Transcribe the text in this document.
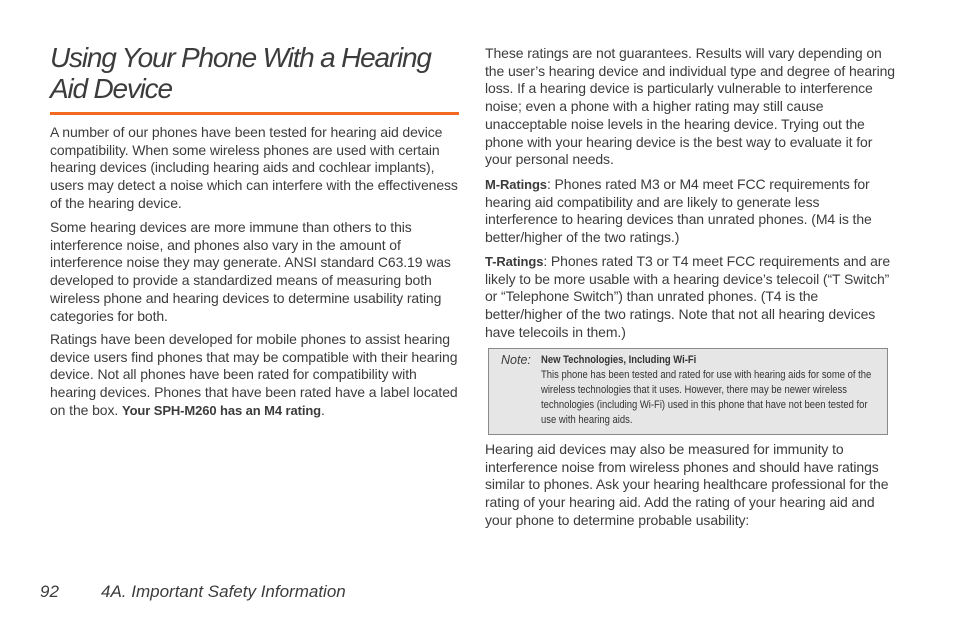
Using Your Phone With a Hearing Aid Device

A number of our phones have been tested for hearing aid device compatibility. When some wireless phones are used with certain hearing devices (including hearing aids and cochlear implants), users may detect a noise which can interfere with the effectiveness of the hearing device.

Some hearing devices are more immune than others to this interference noise, and phones also vary in the amount of interference noise they may generate. ANSI standard C63.19 was developed to provide a standardized means of measuring both wireless phone and hearing devices to determine usability rating categories for both.

Ratings have been developed for mobile phones to assist hearing device users find phones that may be compatible with their hearing device. Not all phones have been rated for compatibility with hearing devices. Phones that have been rated have a label located on the box. Your SPH-M260 has an M4 rating.

These ratings are not guarantees. Results will vary depending on the user’s hearing device and individual type and degree of hearing loss. If a hearing device is particularly vulnerable to interference noise; even a phone with a higher rating may still cause unacceptable noise levels in the hearing device. Trying out the phone with your hearing device is the best way to evaluate it for your personal needs.

M-Ratings: Phones rated M3 or M4 meet FCC requirements for hearing aid compatibility and are likely to generate less interference to hearing devices than unrated phones. (M4 is the better/higher of the two ratings.)

T-Ratings: Phones rated T3 or T4 meet FCC requirements and are likely to be more usable with a hearing device’s telecoil (“T Switch” or “Telephone Switch”) than unrated phones. (T4 is the better/higher of the two ratings. Note that not all hearing devices have telecoils in them.)

Note: New Technologies, Including Wi-Fi
This phone has been tested and rated for use with hearing aids for some of the wireless technologies that it uses. However, there may be newer wireless technologies (including Wi-Fi) used in this phone that have not been tested for use with hearing aids.

Hearing aid devices may also be measured for immunity to interference noise from wireless phones and should have ratings similar to phones. Ask your hearing healthcare professional for the rating of your hearing aid. Add the rating of your hearing aid and your phone to determine probable usability:

92 4A. Important Safety Information
